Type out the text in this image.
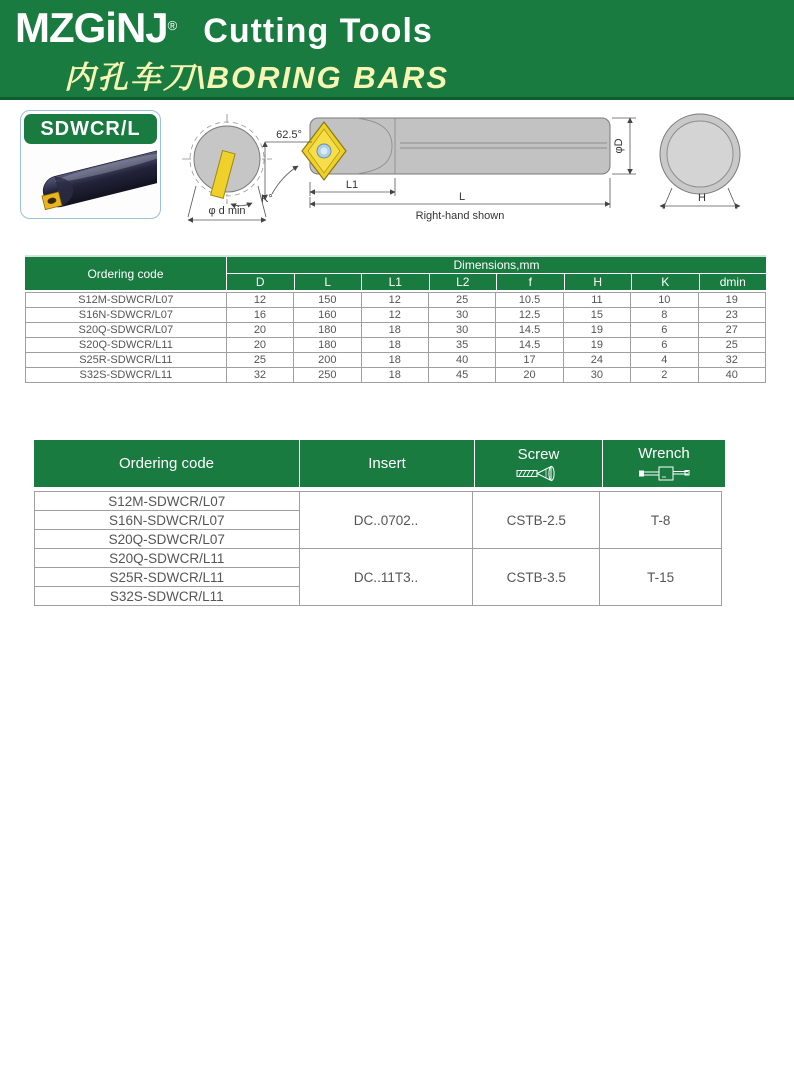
MZGiNJ® Cutting Tools
内孔车刀\BORING BARS
SDWCR/L
K°
φ d min
62.5°
L1
L
Right-hand shown
φD
H
Ordering code
Dimensions,mm
D	L	L1	L2	f	H	K	dmin
S12M-SDWCR/L07	12	150	12	25	10.5	11	10	19
S16N-SDWCR/L07	16	160	12	30	12.5	15	8	23
S20Q-SDWCR/L07	20	180	18	30	14.5	19	6	27
S20Q-SDWCR/L11	20	180	18	35	14.5	19	6	25
S25R-SDWCR/L11	25	200	18	40	17	24	4	32
S32S-SDWCR/L11	32	250	18	45	20	30	2	40
Ordering code	Insert
Screw	Wrench
S12M-SDWCR/L07	DC..0702..	CSTB-2.5	T-8
S16N-SDWCR/L07			
S20Q-SDWCR/L07			
S20Q-SDWCR/L11	DC..11T3..	CSTB-3.5	T-15
S25R-SDWCR/L11			
S32S-SDWCR/L11			
